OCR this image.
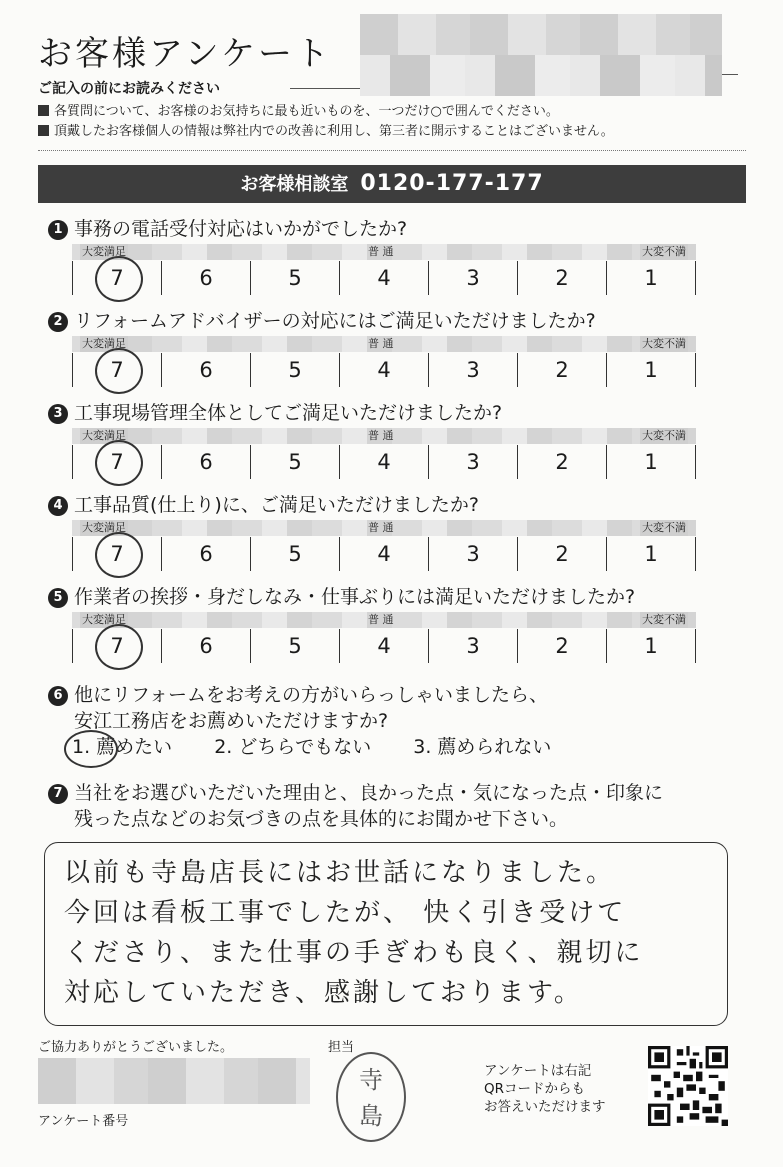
お客様アンケート
ご記入の前にお読みください
各質問について、お客様のお気持ちに最も近いものを、一つだけ○で囲んでください。
頂戴したお客様個人の情報は弊社内での改善に利用し、第三者に開示することはございません。
お客様相談室 0120-177-177
1 事務の電話受付対応はいかがでしたか?
大変満足	普 通	大変不満
7	6	5	4	3	2	1
2 リフォームアドバイザーの対応にはご満足いただけましたか?
大変満足	普 通	大変不満
7	6	5	4	3	2	1
3 工事現場管理全体としてご満足いただけましたか?
大変満足	普 通	大変不満
7	6	5	4	3	2	1
4 工事品質(仕上り)に、ご満足いただけましたか?
大変満足	普 通	大変不満
7	6	5	4	3	2	1
5 作業者の挨拶・身だしなみ・仕事ぶりには満足いただけましたか?
大変満足	普 通	大変不満
7	6	5	4	3	2	1
6 他にリフォームをお考えの方がいらっしゃいましたら、
安江工務店をお薦めいただけますか?
1. 薦めたい 2. どちらでもない 3. 薦められない
7 当社をお選びいただいた理由と、良かった点・気になった点・印象に
残った点などのお気づきの点を具体的にお聞かせ下さい。
以前も寺島店長にはお世話になりました。
今回は看板工事でしたが、 快く引き受けて
くださり、また仕事の手ぎわも良く、親切に
対応していただき、感謝しております。
ご協力ありがとうございました。	担当
アンケート番号
寺
島
アンケートは右記
QRコードからも
お答えいただけます
